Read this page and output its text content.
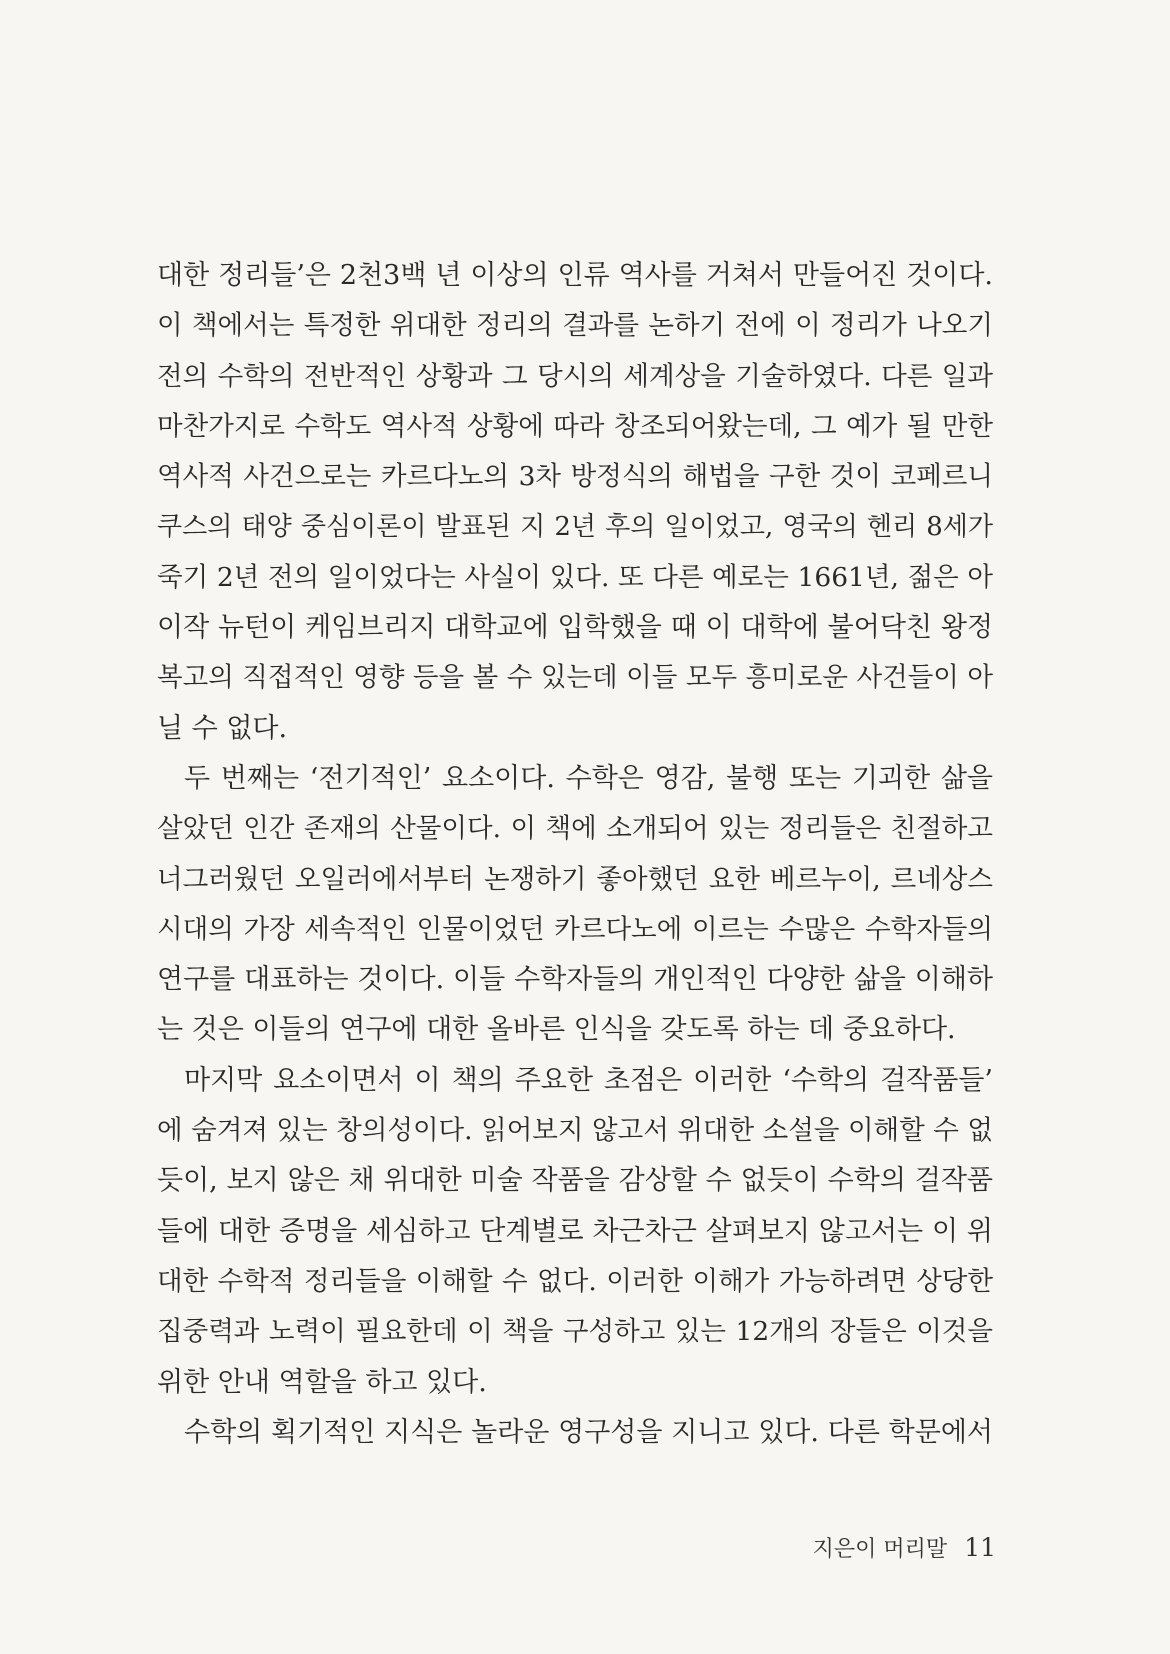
대한 정리들’은 2천3백 년 이상의 인류 역사를 거쳐서 만들어진 것이다.
이 책에서는 특정한 위대한 정리의 결과를 논하기 전에 이 정리가 나오기
전의 수학의 전반적인 상황과 그 당시의 세계상을 기술하였다. 다른 일과
마찬가지로 수학도 역사적 상황에 따라 창조되어왔는데, 그 예가 될 만한
역사적 사건으로는 카르다노의 3차 방정식의 해법을 구한 것이 코페르니
쿠스의 태양 중심이론이 발표된 지 2년 후의 일이었고, 영국의 헨리 8세가
죽기 2년 전의 일이었다는 사실이 있다. 또 다른 예로는 1661년, 젊은 아
이작 뉴턴이 케임브리지 대학교에 입학했을 때 이 대학에 불어닥친 왕정
복고의 직접적인 영향 등을 볼 수 있는데 이들 모두 흥미로운 사건들이 아
닐 수 없다.
두 번째는 ‘전기적인’ 요소이다. 수학은 영감, 불행 또는 기괴한 삶을
살았던 인간 존재의 산물이다. 이 책에 소개되어 있는 정리들은 친절하고
너그러웠던 오일러에서부터 논쟁하기 좋아했던 요한 베르누이, 르네상스
시대의 가장 세속적인 인물이었던 카르다노에 이르는 수많은 수학자들의
연구를 대표하는 것이다. 이들 수학자들의 개인적인 다양한 삶을 이해하
는 것은 이들의 연구에 대한 올바른 인식을 갖도록 하는 데 중요하다.
마지막 요소이면서 이 책의 주요한 초점은 이러한 ‘수학의 걸작품들’
에 숨겨져 있는 창의성이다. 읽어보지 않고서 위대한 소설을 이해할 수 없
듯이, 보지 않은 채 위대한 미술 작품을 감상할 수 없듯이 수학의 걸작품
들에 대한 증명을 세심하고 단계별로 차근차근 살펴보지 않고서는 이 위
대한 수학적 정리들을 이해할 수 없다. 이러한 이해가 가능하려면 상당한
집중력과 노력이 필요한데 이 책을 구성하고 있는 12개의 장들은 이것을
위한 안내 역할을 하고 있다.
수학의 획기적인 지식은 놀라운 영구성을 지니고 있다. 다른 학문에서
지은이 머리말 11
